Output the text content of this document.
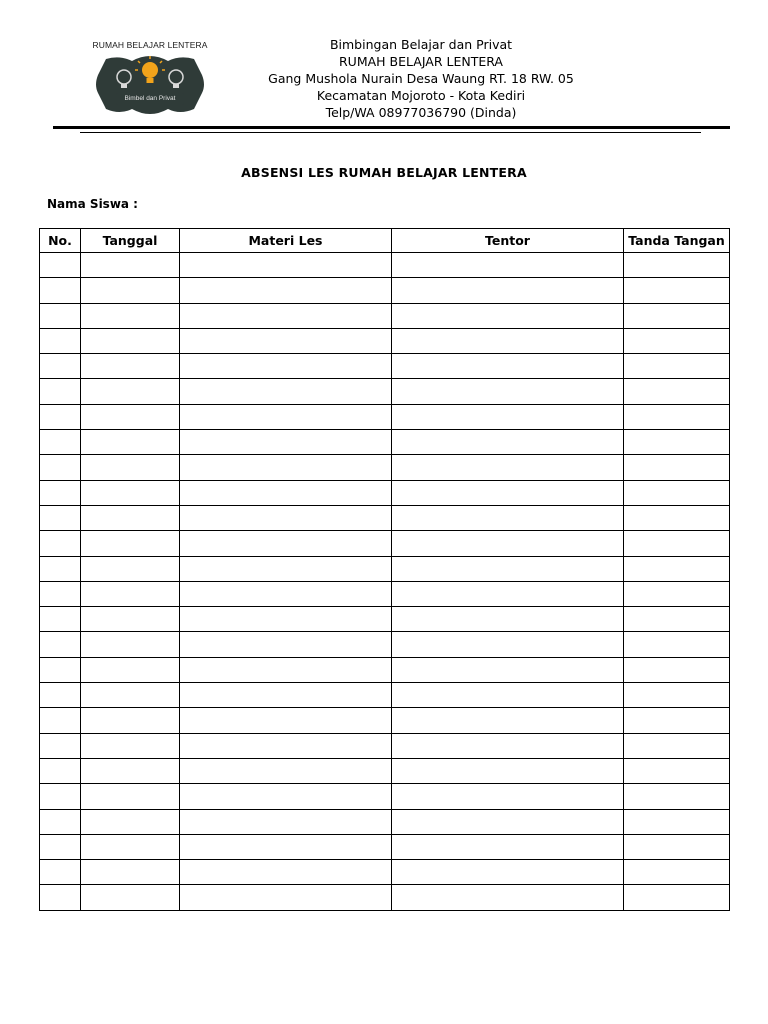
RUMAH BELAJAR LENTERA
Bimbel dan Privat
Bimbingan Belajar dan Privat
RUMAH BELAJAR LENTERA
Gang Mushola Nurain Desa Waung RT. 18 RW. 05
Kecamatan Mojoroto - Kota Kediri
Telp/WA 08977036790 (Dinda)
ABSENSI LES RUMAH BELAJAR LENTERA
Nama Siswa :
No.	Tanggal	Materi Les	Tentor	Tanda Tangan
